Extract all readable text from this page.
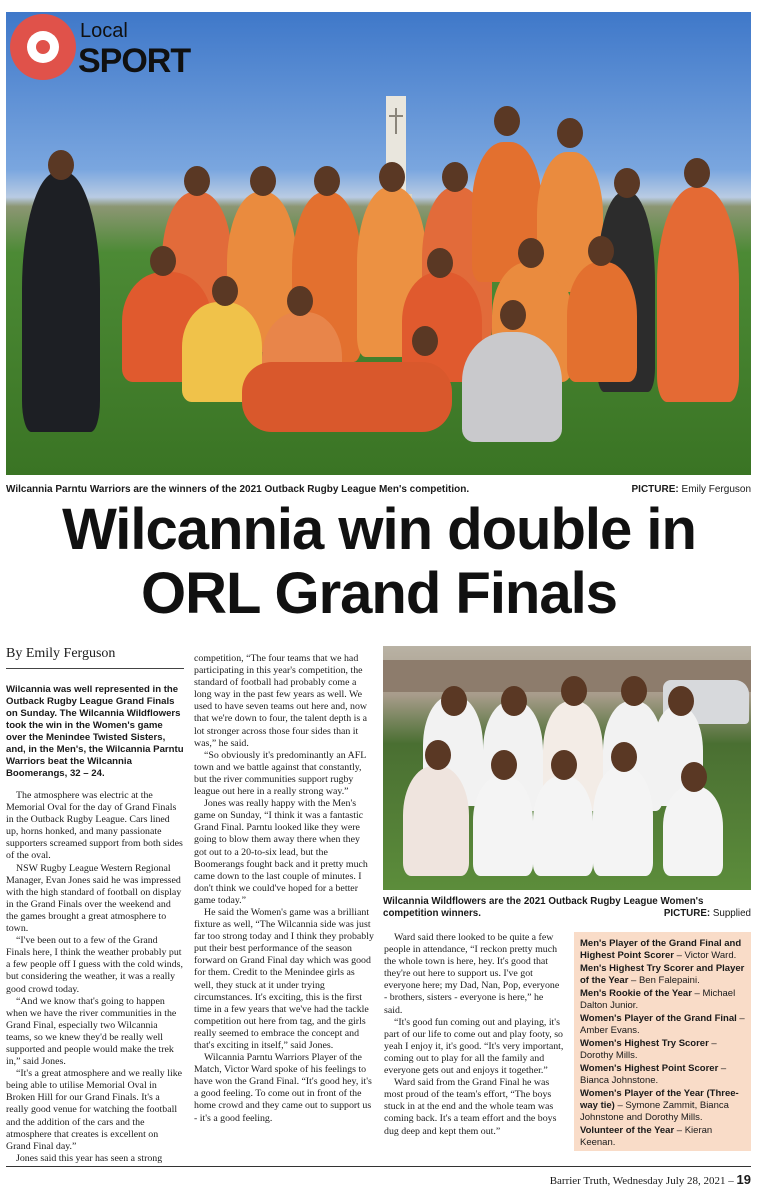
Local
SPORT
Wilcannia Parntu Warriors are the winners of the 2021 Outback Rugby League Men's competition.	PICTURE: Emily Ferguson
Wilcannia win double in ORL Grand Finals
By Emily Ferguson

Wilcannia was well represented in the Outback Rugby League Grand Finals on Sunday. The Wilcannia Wildflowers took the win in the Women's game over the Menindee Twisted Sisters, and, in the Men's, the Wilcannia Parntu Warriors beat the Wilcannia Boomerangs, 32 – 24.

The atmosphere was electric at the Memorial Oval for the day of Grand Finals in the Outback Rugby League. Cars lined up, horns honked, and many passionate supporters screamed support from both sides of the oval.

NSW Rugby League Western Regional Manager, Evan Jones said he was impressed with the high standard of football on display in the Grand Finals over the weekend and the games brought a great atmosphere to town.

“I've been out to a few of the Grand Finals here, I think the weather probably put a few people off I guess with the cold winds, but considering the weather, it was a really good crowd today.

“And we know that's going to happen when we have the river communities in the Grand Final, especially two Wilcannia teams, so we knew they'd be really well supported and people would make the trek in,” said Jones.

“It's a great atmosphere and we really like being able to utilise Memorial Oval in Broken Hill for our Grand Finals. It's a really good venue for watching the football and the addition of the cars and the atmosphere that creates is excellent on Grand Final day.”

Jones said this year has seen a strong

competition, “The four teams that we had participating in this year's competition, the standard of football had probably come a long way in the past few years as well. We used to have seven teams out here and, now that we're down to four, the talent depth is a lot stronger across those four sides than it was,” he said.

“So obviously it's predominantly an AFL town and we battle against that constantly, but the river communities support rugby league out here in a really strong way.”

Jones was really happy with the Men's game on Sunday, “I think it was a fantastic Grand Final. Parntu looked like they were going to blow them away there when they got out to a 20-to-six lead, but the Boomerangs fought back and it pretty much came down to the last couple of minutes. I don't think we could've hoped for a better game today.”

He said the Women's game was a brilliant fixture as well, “The Wilcannia side was just far too strong today and I think they probably put their best performance of the season forward on Grand Final day which was good for them. Credit to the Menindee girls as well, they stuck at it under trying circumstances. It's exciting, this is the first time in a few years that we've had the tackle competition out here from tag, and the girls really seemed to embrace the concept and that's exciting in itself,” said Jones.

Wilcannia Parntu Warriors Player of the Match, Victor Ward spoke of his feelings to have won the Grand Final. “It's good hey, it's a good feeling. To come out in front of the home crowd and they came out to support us - it's a good feeling.

Wilcannia Wildflowers are the 2021 Outback Rugby League Women's competition winners.	PICTURE: Supplied

Ward said there looked to be quite a few people in attendance, “I reckon pretty much the whole town is here, hey. It's good that they're out here to support us. I've got everyone here; my Dad, Nan, Pop, everyone - brothers, sisters - everyone is here,” he said.

“It's good fun coming out and playing, it's part of our life to come out and play footy, so yeah I enjoy it, it's good. “It's very important, coming out to play for all the family and everyone gets out and enjoys it together.”

Ward said from the Grand Final he was most proud of the team's effort, “The boys stuck in at the end and the whole team was coming back. It's a team effort and the boys dug deep and kept them out.”

Men's Player of the Grand Final and Highest Point Scorer – Victor Ward.
Men's Highest Try Scorer and Player of the Year – Ben Falepaini.
Men's Rookie of the Year – Michael Dalton Junior.
Women's Player of the Grand Final – Amber Evans.
Women's Highest Try Scorer – Dorothy Mills.
Women's Highest Point Scorer – Bianca Johnstone.
Women's Player of the Year (Three-way tie) – Symone Zammit, Bianca Johnstone and Dorothy Mills.
Volunteer of the Year – Kieran Keenan.
Barrier Truth, Wednesday July 28, 2021 – 19
